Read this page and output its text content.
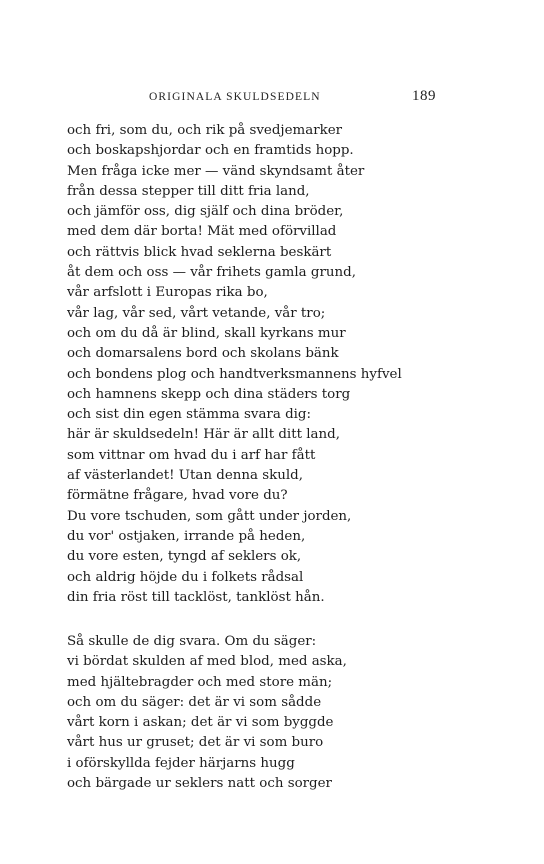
ORIGINALA SKULDSEDELN	189
och fri, som du, och rik på svedjemarker
och boskapshjordar och en framtids hopp.
Men fråga icke mer — vänd skyndsamt åter
från dessa stepper till ditt fria land,
och jämför oss, dig själf och dina bröder,
med dem där borta! Mät med oförvillad
och rättvis blick hvad seklerna beskärt
åt dem och oss — vår frihets gamla grund,
vår arfslott i Europas rika bo,
vår lag, vår sed, vårt vetande, vår tro;
och om du då är blind, skall kyrkans mur
och domarsalens bord och skolans bänk
och bondens plog och handtverksmannens hyfvel
och hamnens skepp och dina städers torg
och sist din egen stämma svara dig:
här är skuldsedeln! Här är allt ditt land,
som vittnar om hvad du i arf har fått
af västerlandet! Utan denna skuld,
förmätne frågare, hvad vore du?
Du vore tschuden, som gått under jorden,
du vor' ostjaken, irrande på heden,
du vore esten, tyngd af seklers ok,
och aldrig höjde du i folkets rådsal
din fria röst till tacklöst, tanklöst hån.
Så skulle de dig svara. Om du säger:
vi bördat skulden af med blod, med aska,
med hjältebragder och med store män;
och om du säger: det är vi som sådde
vårt korn i askan; det är vi som byggde
vårt hus ur gruset; det är vi som buro
i oförskyllda fejder härjarns hugg
och bärgade ur seklers natt och sorger
